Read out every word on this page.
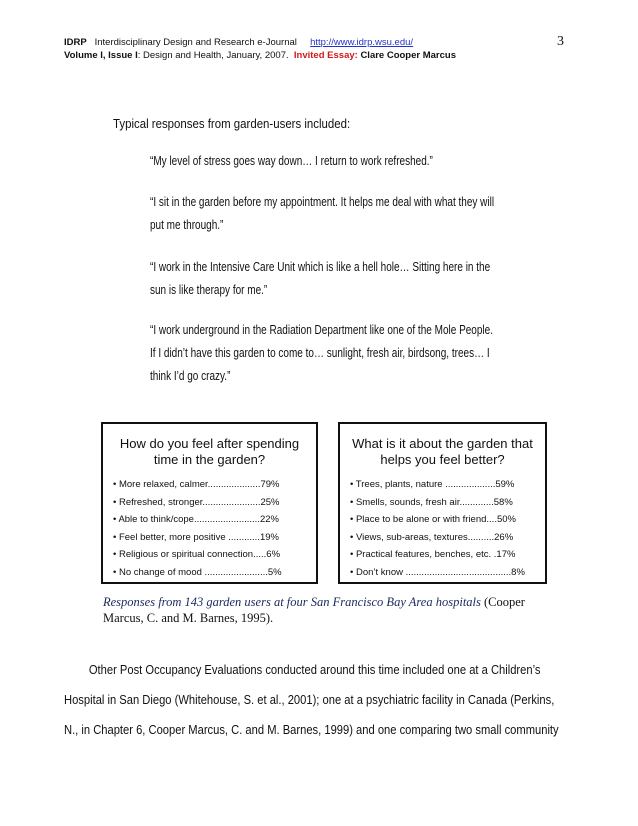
IDRP Interdisciplinary Design and Research e-Journal http://www.idrp.wsu.edu/
Volume I, Issue I: Design and Health, January, 2007. Invited Essay: Clare Cooper Marcus
3
Typical responses from garden-users included:
“My level of stress goes way down… I return to work refreshed.”
“I sit in the garden before my appointment. It helps me deal with what they will
put me through.”
“I work in the Intensive Care Unit which is like a hell hole… Sitting here in the
sun is like therapy for me.”
“I work underground in the Radiation Department like one of the Mole People.
If I didn’t have this garden to come to… sunlight, fresh air, birdsong, trees… I
think I’d go crazy.”
How do you feel after spending
time in the garden?
• More relaxed, calmer....................79%
• Refreshed, stronger......................25%
• Able to think/cope.........................22%
• Feel better, more positive ............19%
• Religious or spiritual connection.....6%
• No change of mood ........................5%
What is it about the garden that
helps you feel better?
• Trees, plants, nature ...................59%
• Smells, sounds, fresh air.............58%
• Place to be alone or with friend....50%
• Views, sub-areas, textures..........26%
• Practical features, benches, etc. .17%
• Don’t know ........................................8%
Responses from 143 garden users at four San Francisco Bay Area hospitals (Cooper Marcus, C. and M. Barnes, 1995).
Other Post Occupancy Evaluations conducted around this time included one at a Children’s
Hospital in San Diego (Whitehouse, S. et al., 2001); one at a psychiatric facility in Canada (Perkins,
N., in Chapter 6, Cooper Marcus, C. and M. Barnes, 1999) and one comparing two small community
